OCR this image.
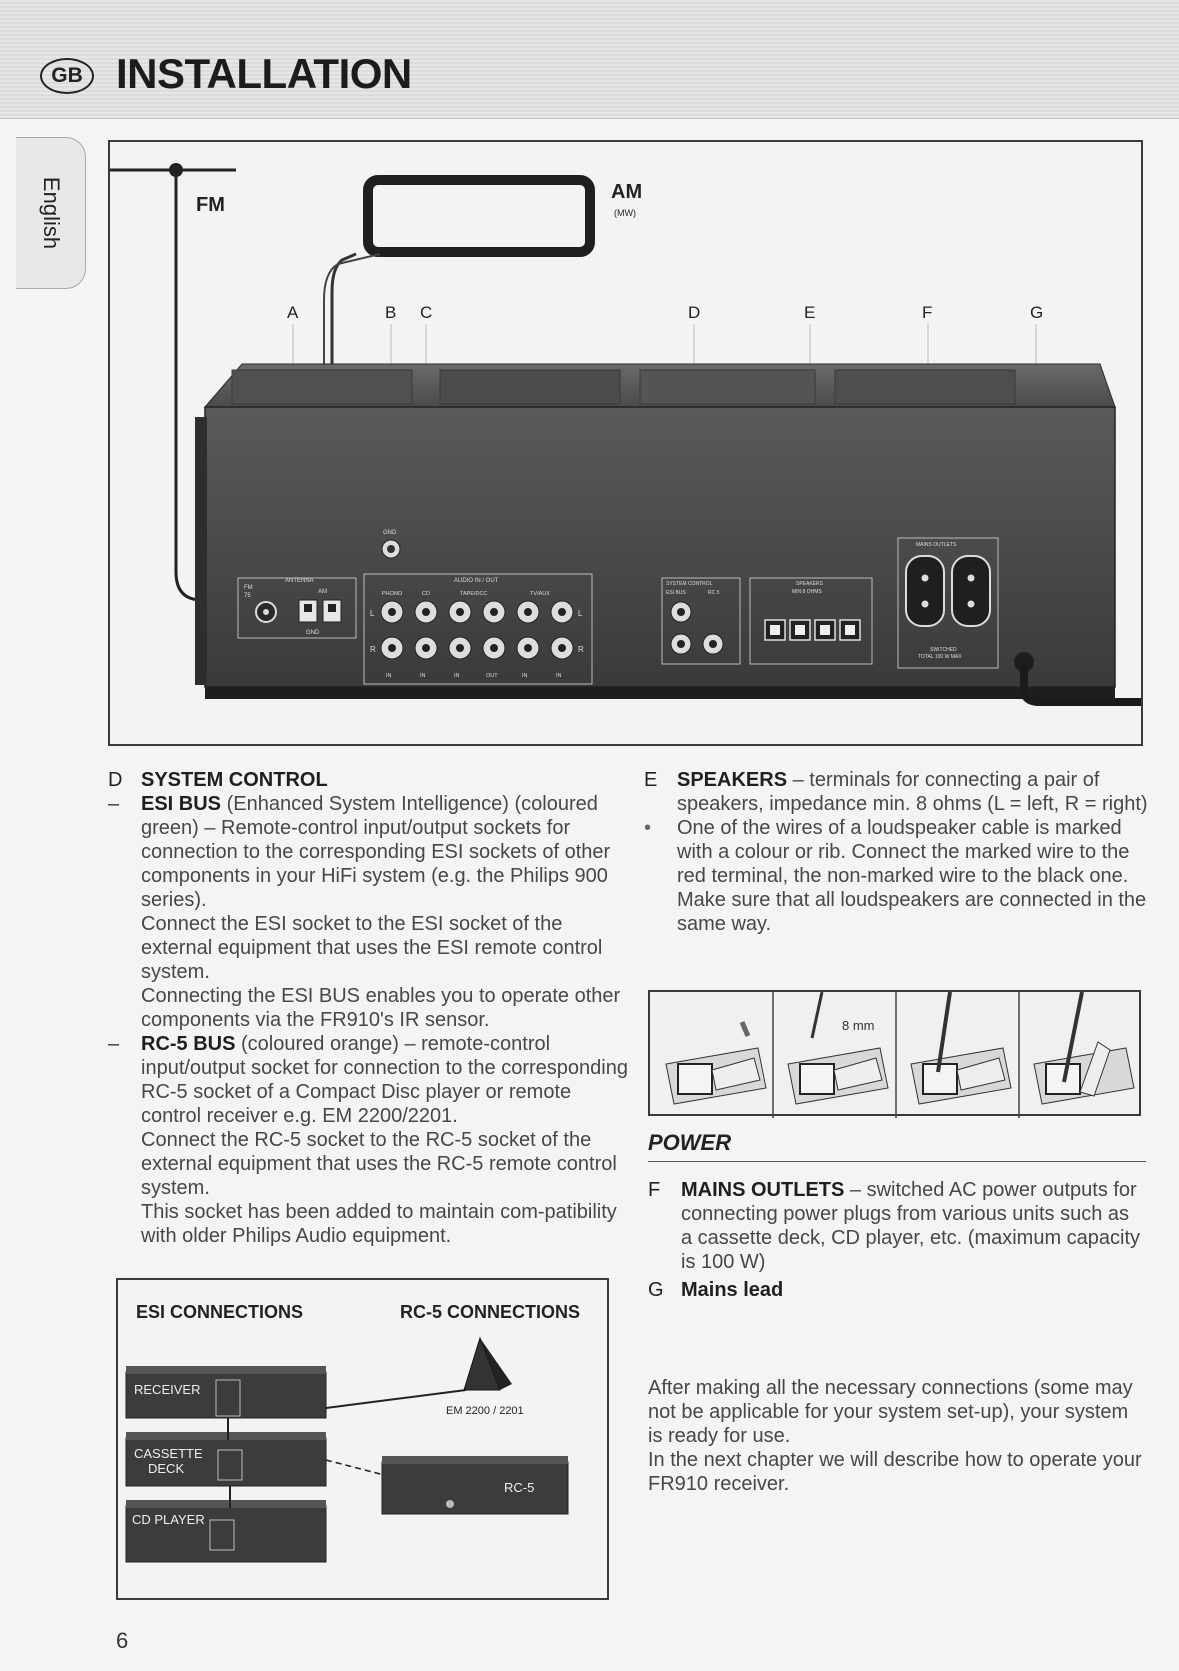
GB INSTALLATION
English	FM
AM
(MW)
A	B C	D	E	F	G
ANTENNA
FM
75
AM
GND
GND
AUDIO IN / OUT
PHONO	CD	TAPE/DCC	TV/AUX
L
R
IN	IN	IN	OUT	IN	IN
L
R
SYSTEM CONTROL
ESI BUS	RC 5
SPEAKERS
MIN 8 OHMS
MAINS OUTLETS
SWITCHED
TOTAL 100 W MAX
D SYSTEM CONTROL
–	ESI BUS (Enhanced System Intelligence) (coloured green) – Remote-control input/output sockets for connection to the corresponding ESI sockets of other components in your HiFi system (e.g. the Philips 900 series).

Connect the ESI socket to the ESI socket of the external equipment that uses the ESI remote control system.

Connecting the ESI BUS enables you to operate other components via the FR910's IR sensor.

–	RC-5 BUS (coloured orange) – remote-control input/output socket for connection to the corresponding RC-5 socket of a Compact Disc player or remote control receiver e.g. EM 2200/2201.

Connect the RC-5 socket to the RC-5 socket of the external equipment that uses the RC-5 remote control system.

This socket has been added to maintain com-patibility with older Philips Audio equipment.

ESI CONNECTIONS	RC-5 CONNECTIONS
RECEIVER
CASSETTE
DECK
CD PLAYER
EM 2200 / 2201
RC-5
E SPEAKERS – terminals for connecting a pair of speakers, impedance min. 8 ohms (L = left, R = right)

•	One of the wires of a loudspeaker cable is marked with a colour or rib. Connect the marked wire to the red terminal, the non-marked wire to the black one.

Make sure that all loudspeakers are connected in the same way.

8 mm
POWER
F	MAINS OUTLETS – switched AC power outputs for connecting power plugs from various units such as a cassette deck, CD player, etc. (maximum capacity is 100 W)

G Mains lead

After making all the necessary connections (some may not be applicable for your system set-up), your system is ready for use.

In the next chapter we will describe how to operate your FR910 receiver.

6
